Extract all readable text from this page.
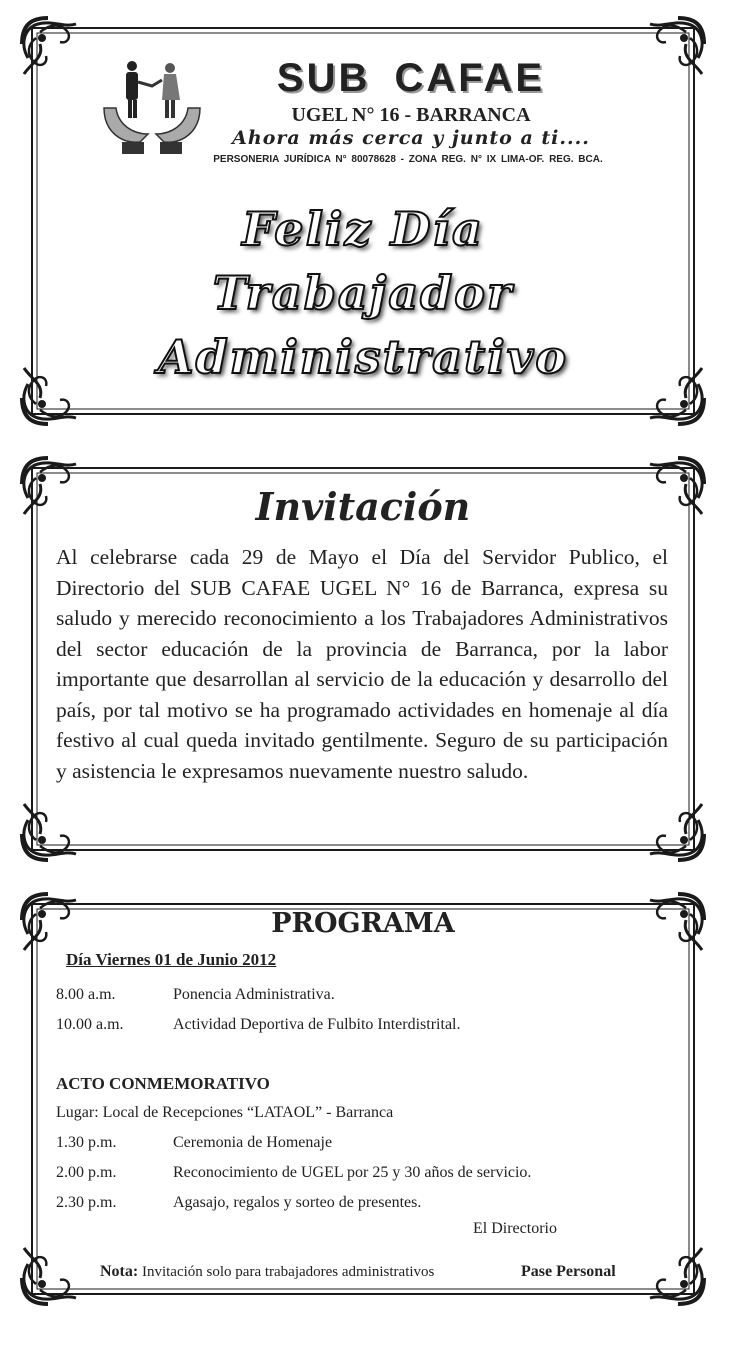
SUB CAFAE
UGEL N° 16 - BARRANCA
Ahora más cerca y junto a ti....
PERSONERIA JURÍDICA N° 80078628 - ZONA REG. N° IX LIMA-OF. REG. BCA.
Feliz Día
Trabajador
Administrativo
Invitación
Al celebrarse cada 29 de Mayo el Día del Servidor Publico, el Directorio del SUB CAFAE UGEL N° 16 de Barranca, expresa su saludo y merecido reconocimiento a los Trabajadores Administrativos del sector educación de la provincia de Barranca, por la labor importante que desarrollan al servicio de la educación y desarrollo del país, por tal motivo se ha programado actividades en homenaje al día festivo al cual queda invitado gentilmente. Seguro de su participación y asistencia le expresamos nuevamente nuestro saludo.
PROGRAMA
Día Viernes 01 de Junio 2012
8.00 a.m.	Ponencia Administrativa.
10.00 a.m.	Actividad Deportiva de Fulbito Interdistrital.
ACTO CONMEMORATIVO
Lugar: Local de Recepciones “LATAOL” - Barranca
1.30 p.m.	Ceremonia de Homenaje
2.00 p.m.	Reconocimiento de UGEL por 25 y 30 años de servicio.
2.30 p.m.	Agasajo, regalos y sorteo de presentes.
El Directorio
Nota: Invitación solo para trabajadores administrativos	Pase Personal
